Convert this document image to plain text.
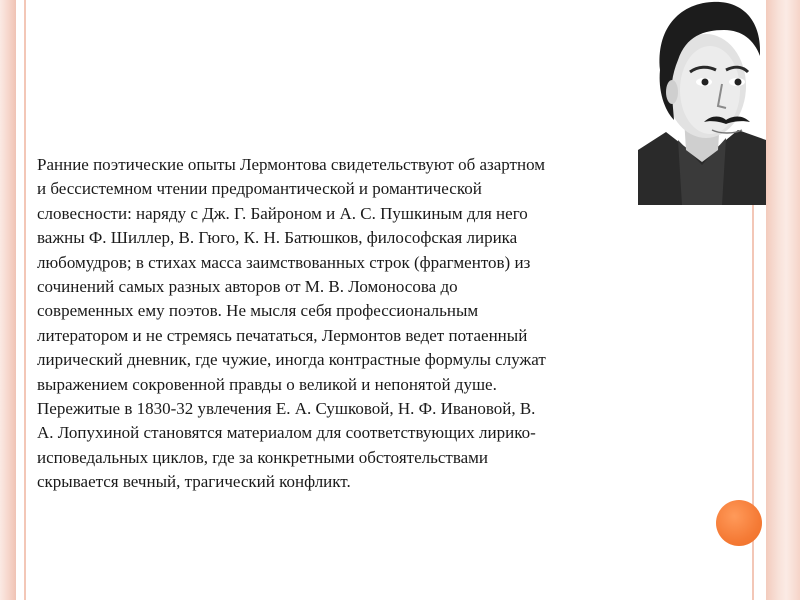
Ранние поэтические опыты Лермонтова свидетельствуют об азартном
и бессистемном чтении предромантической и романтической
словесности: наряду с Дж. Г. Байроном и А. С. Пушкиным для него
важны Ф. Шиллер, В. Гюго, К. Н. Батюшков, философская лирика
любомудров; в стихах масса заимствованных строк (фрагментов) из
сочинений самых разных авторов от М. В. Ломоносова до
современных ему поэтов. Не мысля себя профессиональным
литератором и не стремясь печататься, Лермонтов ведет потаенный
лирический дневник, где чужие, иногда контрастные формулы служат
выражением сокровенной правды о великой и непонятой душе.
Пережитые в 1830-32 увлечения Е. А. Сушковой, Н. Ф. Ивановой, В.
А. Лопухиной становятся материалом для соответствующих лирико-
исповедальных циклов, где за конкретными обстоятельствами
скрывается вечный, трагический конфликт.
